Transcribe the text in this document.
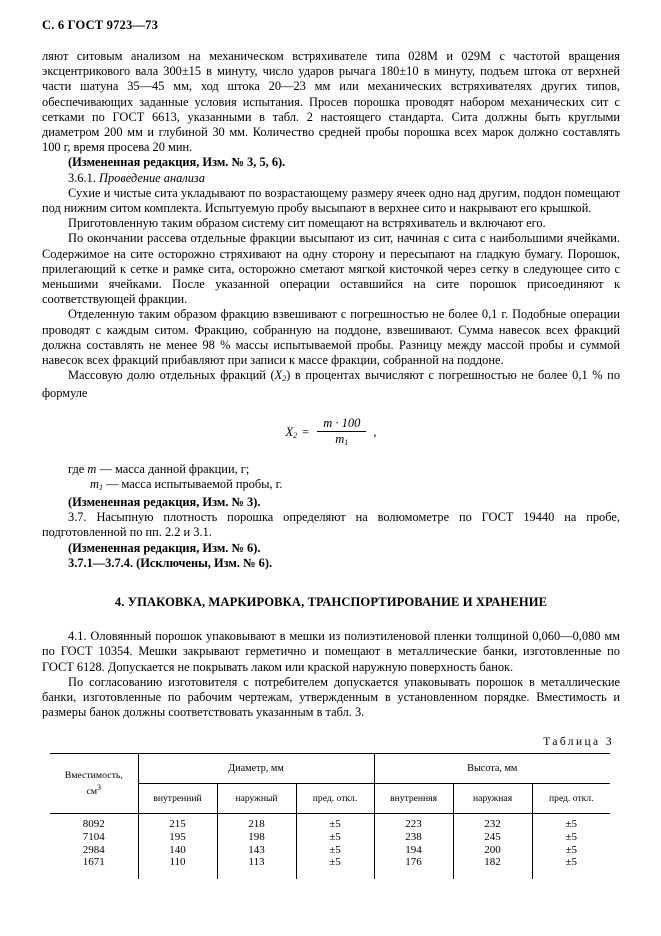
С. 6 ГОСТ 9723—73

ляют ситовым анализом на механическом встряхивателе типа 028М и 029М с частотой вращения эксцентрикового вала 300±15 в минуту, число ударов рычага 180±10 в минуту, подъем штока от верхней части шатуна 35—45 мм, ход штока 20—23 мм или механических встряхивателях других типов, обеспечивающих заданные условия испытания. Просев порошка проводят набором механических сит с сетками по ГОСТ 6613, указанными в табл. 2 настоящего стандарта. Сита должны быть круглыми диаметром 200 мм и глубиной 30 мм. Количество средней пробы порошка всех марок должно составлять 100 г, время просева 20 мин.

(Измененная редакция, Изм. № 3, 5, 6).
3.6.1. Проведение анализа

Сухие и чистые сита укладывают по возрастающему размеру ячеек одно над другим, поддон помещают под нижним ситом комплекта. Испытуемую пробу высыпают в верхнее сито и накрывают его крышкой.

Приготовленную таким образом систему сит помещают на встряхиватель и включают его.

По окончании рассева отдельные фракции высыпают из сит, начиная с сита с наибольшими ячейками. Содержимое на сите осторожно стряхивают на одну сторону и пересыпают на гладкую бумагу. Порошок, прилегающий к сетке и рамке сита, осторожно сметают мягкой кисточкой через сетку в следующее сито с меньшими ячейками. После указанной операции оставшийся на сите порошок присоединяют к соответствующей фракции.

Отделенную таким образом фракцию взвешивают с погрешностью не более 0,1 г. Подобные операции проводят с каждым ситом. Фракцию, собранную на поддоне, взвешивают. Сумма навесок всех фракций должна составлять не менее 98 % массы испытываемой пробы. Разницу между массой пробы и суммой навесок всех фракций прибавляют при записи к массе фракции, собранной на поддоне.

Массовую долю отдельных фракций $(X_2)$ в процентах вычисляют с погрешностью не более 0,1 % по формуле

$X_2 = \frac{m \cdot 100}{m_1}$ ,
где m — масса данной фракции, г;
$m_1$ — масса испытываемой пробы, г.
(Измененная редакция, Изм. № 3).

3.7. Насыпную плотность порошка определяют на волюмометре по ГОСТ 19440 на пробе, подготовленной по пп. 2.2 и 3.1.

(Измененная редакция, Изм. № 6).
3.7.1—3.7.4. (Исключены, Изм. № 6).
4. УПАКОВКА, МАРКИРОВКА, ТРАНСПОРТИРОВАНИЕ И ХРАНЕНИЕ

4.1. Оловянный порошок упаковывают в мешки из полиэтиленовой пленки толщиной 0,060—0,080 мм по ГОСТ 10354. Мешки закрывают герметично и помещают в металлические банки, изготовленные по ГОСТ 6128. Допускается не покрывать лаком или краской наружную поверхность банок.

По согласованию изготовителя с потребителем допускается упаковывать порошок в металлические банки, изготовленные по рабочим чертежам, утвержденным в установленном порядке. Вместимость и размеры банок должны соответствовать указанным в табл. 3.

Таблица 3
Вместимость,
$см^3$	Диаметр, мм			Высота, мм		
	внутренний	наружный	пред. откл.	внутренняя	наружная	пред. откл.
8092	215	218	±5	223	232	±5
7104	195	198	±5	238	245	±5
2984	140	143	±5	194	200	±5
1671	110	113	±5	176	182	±5
